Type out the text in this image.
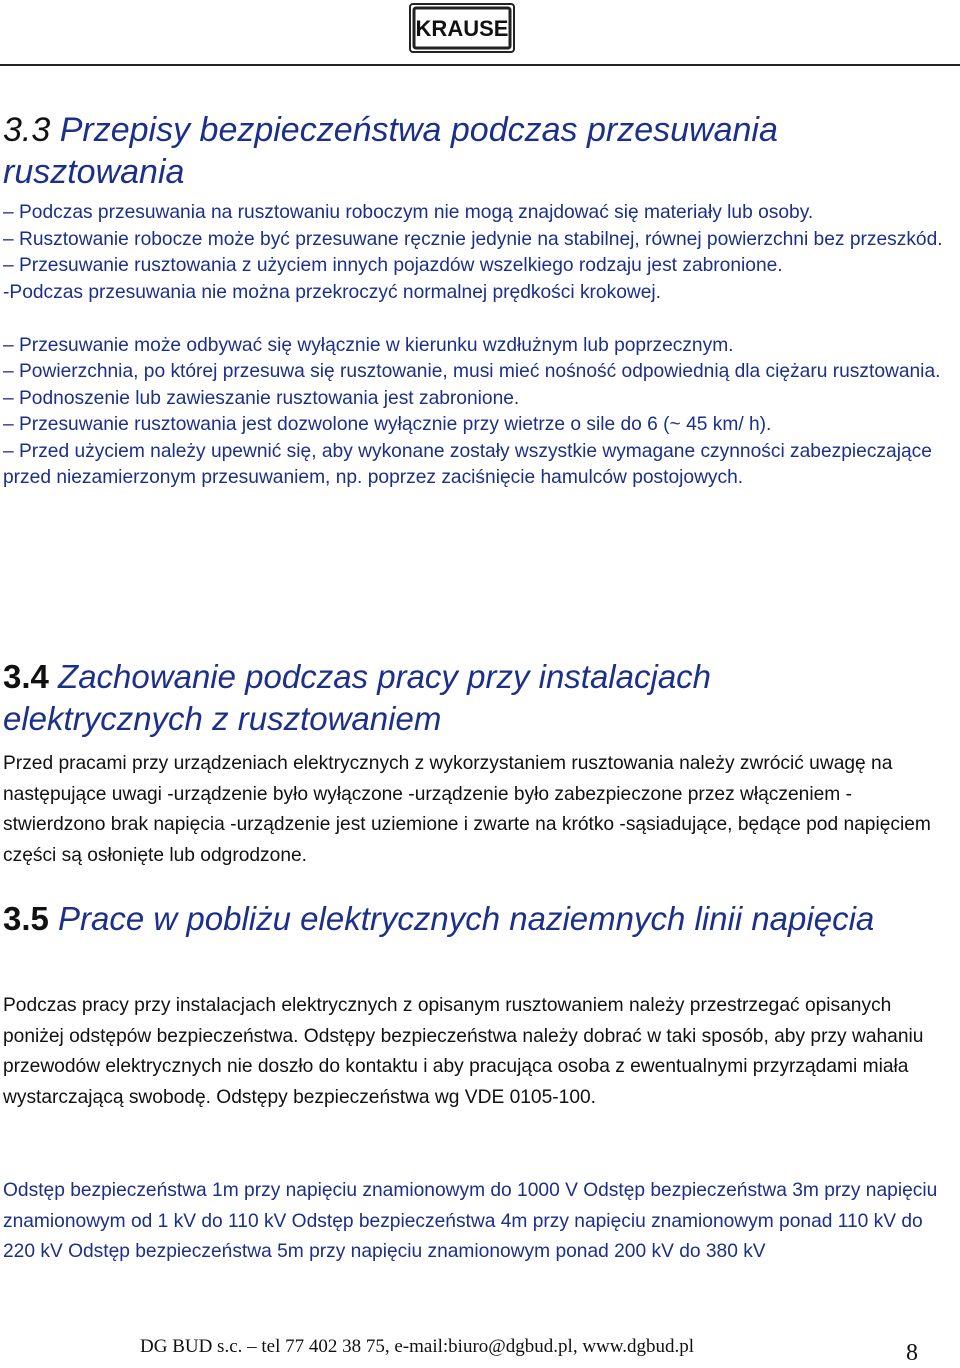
KRAUSE
3.3 Przepisy bezpieczeństwa podczas przesuwania rusztowania

– Podczas przesuwania na rusztowaniu roboczym nie mogą znajdować się materiały lub osoby.

– Rusztowanie robocze może być przesuwane ręcznie jedynie na stabilnej, równej powierzchni bez przeszkód.

– Przesuwanie rusztowania z użyciem innych pojazdów wszelkiego rodzaju jest zabronione.

-Podczas przesuwania nie można przekroczyć normalnej prędkości krokowej.

– Przesuwanie może odbywać się wyłącznie w kierunku wzdłużnym lub poprzecznym.

– Powierzchnia, po której przesuwa się rusztowanie, musi mieć nośność odpowiednią dla ciężaru rusztowania.

– Podnoszenie lub zawieszanie rusztowania jest zabronione.

– Przesuwanie rusztowania jest dozwolone wyłącznie przy wietrze o sile do 6 (~ 45 km/ h).

– Przed użyciem należy upewnić się, aby wykonane zostały wszystkie wymagane czynności zabezpieczające przed niezamierzonym przesuwaniem, np. poprzez zaciśnięcie hamulców postojowych.

3.4 Zachowanie podczas pracy przy instalacjach elektrycznych z rusztowaniem

Przed pracami przy urządzeniach elektrycznych z wykorzystaniem rusztowania należy zwrócić uwagę na następujące uwagi -urządzenie było wyłączone -urządzenie było zabezpieczone przez włączeniem -stwierdzono brak napięcia -urządzenie jest uziemione i zwarte na krótko -sąsiadujące, będące pod napięciem części są osłonięte lub odgrodzone.

3.5 Prace w pobliżu elektrycznych naziemnych linii napięcia

Podczas pracy przy instalacjach elektrycznych z opisanym rusztowaniem należy przestrzegać opisanych poniżej odstępów bezpieczeństwa. Odstępy bezpieczeństwa należy dobrać w taki sposób, aby przy wahaniu przewodów elektrycznych nie doszło do kontaktu i aby pracująca osoba z ewentualnymi przyrządami miała wystarczającą swobodę. Odstępy bezpieczeństwa wg VDE 0105-100.

Odstęp bezpieczeństwa 1m przy napięciu znamionowym do 1000 V Odstęp bezpieczeństwa 3m przy napięciu znamionowym od 1 kV do 110 kV Odstęp bezpieczeństwa 4m przy napięciu znamionowym ponad 110 kV do 220 kV Odstęp bezpieczeństwa 5m przy napięciu znamionowym ponad 200 kV do 380 kV

DG BUD s.c. – tel 77 402 38 75, e-mail:biuro@dgbud.pl, www.dgbud.pl	8
